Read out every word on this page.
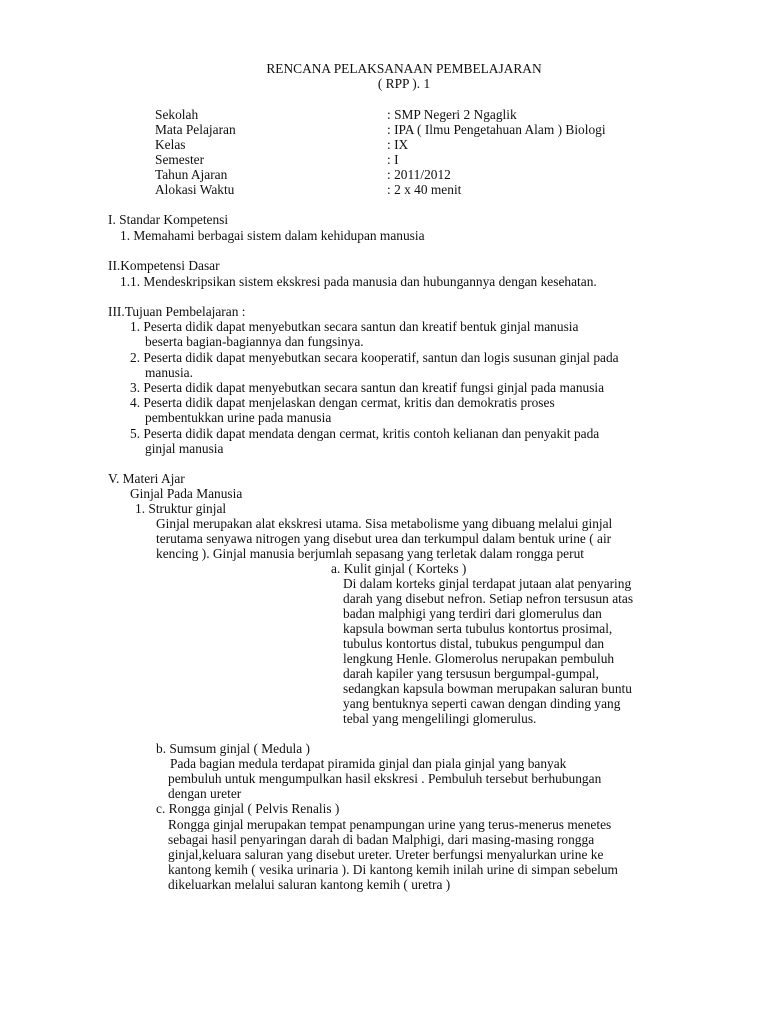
RENCANA PELAKSANAAN PEMBELAJARAN
( RPP ). 1
Sekolah	: SMP Negeri 2 Ngaglik
Mata Pelajaran	: IPA ( Ilmu Pengetahuan Alam ) Biologi
Kelas	: IX
Semester	: I
Tahun Ajaran	: 2011/2012
Alokasi Waktu	: 2 x 40 menit
I. Standar Kompetensi
1. Memahami berbagai sistem dalam kehidupan manusia
II.Kompetensi Dasar
1.1. Mendeskripsikan sistem ekskresi pada manusia dan hubungannya dengan kesehatan.
III.Tujuan Pembelajaran :
1. Peserta didik dapat menyebutkan secara santun dan kreatif bentuk ginjal manusia
beserta bagian-bagiannya dan fungsinya.
2. Peserta didik dapat menyebutkan secara kooperatif, santun dan logis susunan ginjal pada
manusia.
3. Peserta didik dapat menyebutkan secara santun dan kreatif fungsi ginjal pada manusia
4. Peserta didik dapat menjelaskan dengan cermat, kritis dan demokratis proses
pembentukkan urine pada manusia
5. Peserta didik dapat mendata dengan cermat, kritis contoh kelianan dan penyakit pada
ginjal manusia
V. Materi Ajar
Ginjal Pada Manusia
1. Struktur ginjal
Ginjal merupakan alat ekskresi utama. Sisa metabolisme yang dibuang melalui ginjal
terutama senyawa nitrogen yang disebut urea dan terkumpul dalam bentuk urine ( air
kencing ). Ginjal manusia berjumlah sepasang yang terletak dalam rongga perut
a. Kulit ginjal ( Korteks )
Di dalam korteks ginjal terdapat jutaan alat penyaring
darah yang disebut nefron. Setiap nefron tersusun atas
badan malphigi yang terdiri dari glomerulus dan
kapsula bowman serta tubulus kontortus prosimal,
tubulus kontortus distal, tubukus pengumpul dan
lengkung Henle. Glomerolus nerupakan pembuluh
darah kapiler yang tersusun bergumpal-gumpal,
sedangkan kapsula bowman merupakan saluran buntu
yang bentuknya seperti cawan dengan dinding yang
tebal yang mengelilingi glomerulus.
b. Sumsum ginjal ( Medula )
Pada bagian medula terdapat piramida ginjal dan piala ginjal yang banyak
pembuluh untuk mengumpulkan hasil ekskresi . Pembuluh tersebut berhubungan
dengan ureter
c. Rongga ginjal ( Pelvis Renalis )
Rongga ginjal merupakan tempat penampungan urine yang terus-menerus menetes
sebagai hasil penyaringan darah di badan Malphigi, dari masing-masing rongga
ginjal,keluara saluran yang disebut ureter. Ureter berfungsi menyalurkan urine ke
kantong kemih ( vesika urinaria ). Di kantong kemih inilah urine di simpan sebelum
dikeluarkan melalui saluran kantong kemih ( uretra )
